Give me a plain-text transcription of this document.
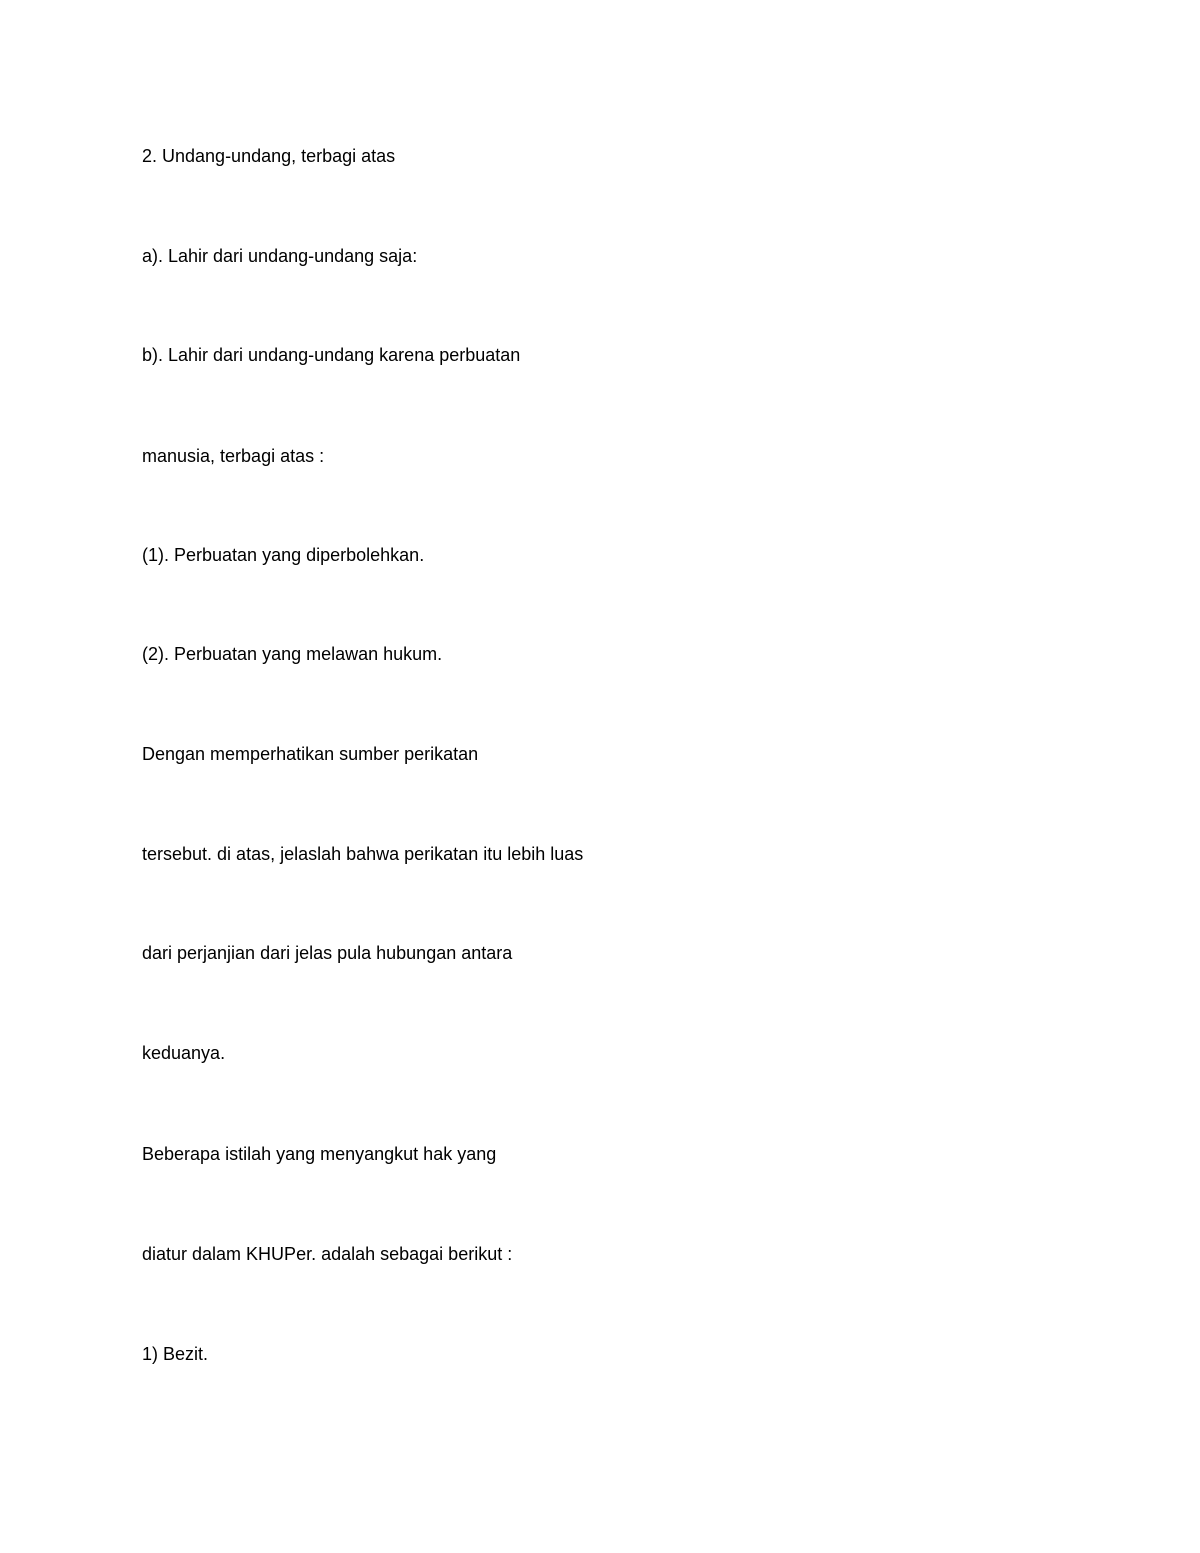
2. Undang-undang, terbagi atas

a). Lahir dari undang-undang saja:

b). Lahir dari undang-undang karena perbuatan

manusia, terbagi atas :

(1). Perbuatan yang diperbolehkan.

(2). Perbuatan yang melawan hukum.

Dengan memperhatikan sumber perikatan

tersebut. di atas, jelaslah bahwa perikatan itu lebih luas

dari perjanjian dari jelas pula hubungan antara

keduanya.

Beberapa istilah yang menyangkut hak yang

diatur dalam KHUPer. adalah sebagai berikut :

1) Bezit.
